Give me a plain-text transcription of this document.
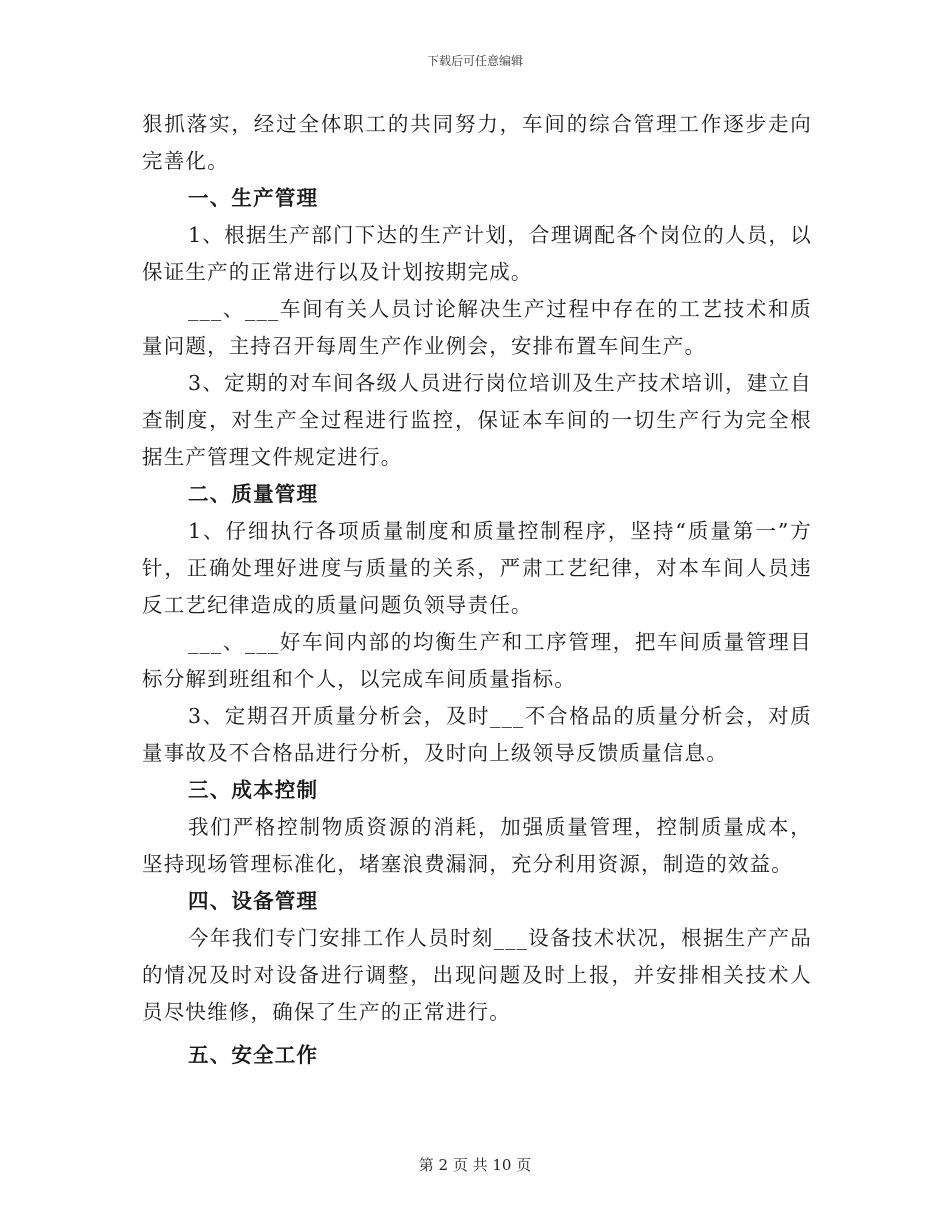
下载后可任意编辑

狠抓落实，经过全体职工的共同努力，车间的综合管理工作逐步走向完善化。

一、生产管理

1、根据生产部门下达的生产计划，合理调配各个岗位的人员，以保证生产的正常进行以及计划按期完成。

___、___车间有关人员讨论解决生产过程中存在的工艺技术和质量问题，主持召开每周生产作业例会，安排布置车间生产。

3、定期的对车间各级人员进行岗位培训及生产技术培训，建立自查制度，对生产全过程进行监控，保证本车间的一切生产行为完全根据生产管理文件规定进行。

二、质量管理

1、仔细执行各项质量制度和质量控制程序，坚持“质量第一”方针，正确处理好进度与质量的关系，严肃工艺纪律，对本车间人员违反工艺纪律造成的质量问题负领导责任。

___、___好车间内部的均衡生产和工序管理，把车间质量管理目标分解到班组和个人，以完成车间质量指标。

3、定期召开质量分析会，及时___不合格品的质量分析会，对质量事故及不合格品进行分析，及时向上级领导反馈质量信息。

三、成本控制

我们严格控制物质资源的消耗，加强质量管理，控制质量成本，坚持现场管理标准化，堵塞浪费漏洞，充分利用资源，制造的效益。

四、设备管理

今年我们专门安排工作人员时刻___设备技术状况，根据生产产品的情况及时对设备进行调整，出现问题及时上报，并安排相关技术人员尽快维修，确保了生产的正常进行。

五、安全工作

第 2 页 共 10 页
